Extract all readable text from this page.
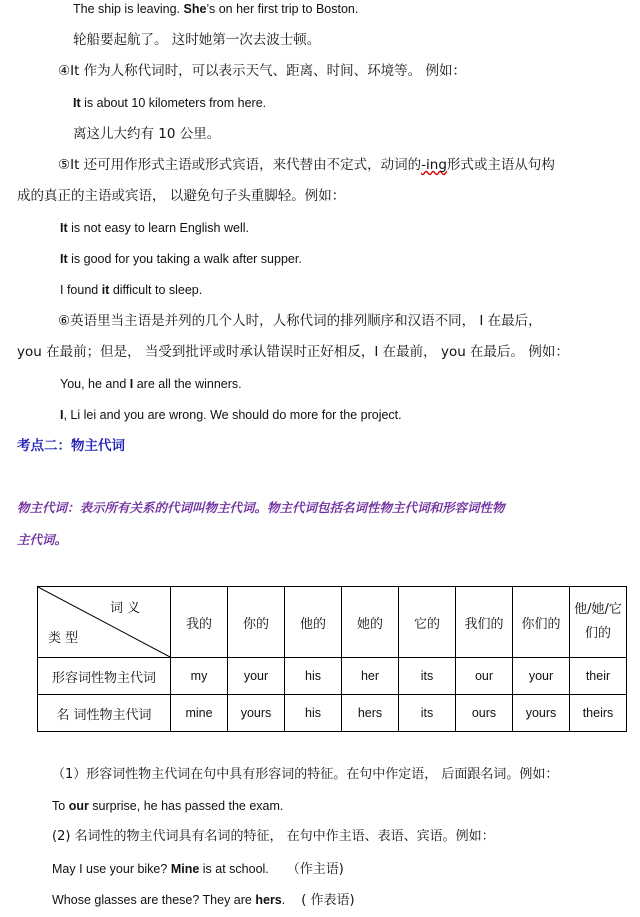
The ship is leaving. She’s on her first trip to Boston.
轮船要起航了。 这时她第一次去波士顿。
④It 作为人称代词时，可以表示天气、距离、时间、环境等。 例如：
It is about 10 kilometers from here.
离这儿大约有 10 公里。
⑤It 还可用作形式主语或形式宾语，来代替由不定式，动词的-ing形式或主语从句构
成的真正的主语或宾语， 以避免句子头重脚轻。例如：
It is not easy to learn English well.
It is good for you taking a walk after supper.
I found it difficult to sleep.
⑥英语里当主语是并列的几个人时，人称代词的排列顺序和汉语不同， I 在最后，
you 在最前；但是， 当受到批评或时承认错误时正好相反，I 在最前， you 在最后。 例如：
You, he and I are all the winners.
I, Li lei and you are wrong. We should do more for the project.
考点二：物主代词
物主代词：表示所有关系的代词叫物主代词。物主代词包括名词性物主代词和形容词性物
主代词。
词 义
类 型	我的	你的	他的	她的	它的	我们的	你们的	他/她/它们的
形容词性物主代词	my	your	his	her	its	our	your	their
名 词性物主代词	mine	yours	his	hers	its	ours	yours	theirs
（1）形容词性物主代词在句中具有形容词的特征。在句中作定语， 后面跟名词。例如：
To our surprise, he has passed the exam.
(2) 名词性的物主代词具有名词的特征， 在句中作主语、表语、宾语。例如：
May I use your bike? Mine is at school. （作主语)
Whose glasses are these? They are hers. ( 作表语)
